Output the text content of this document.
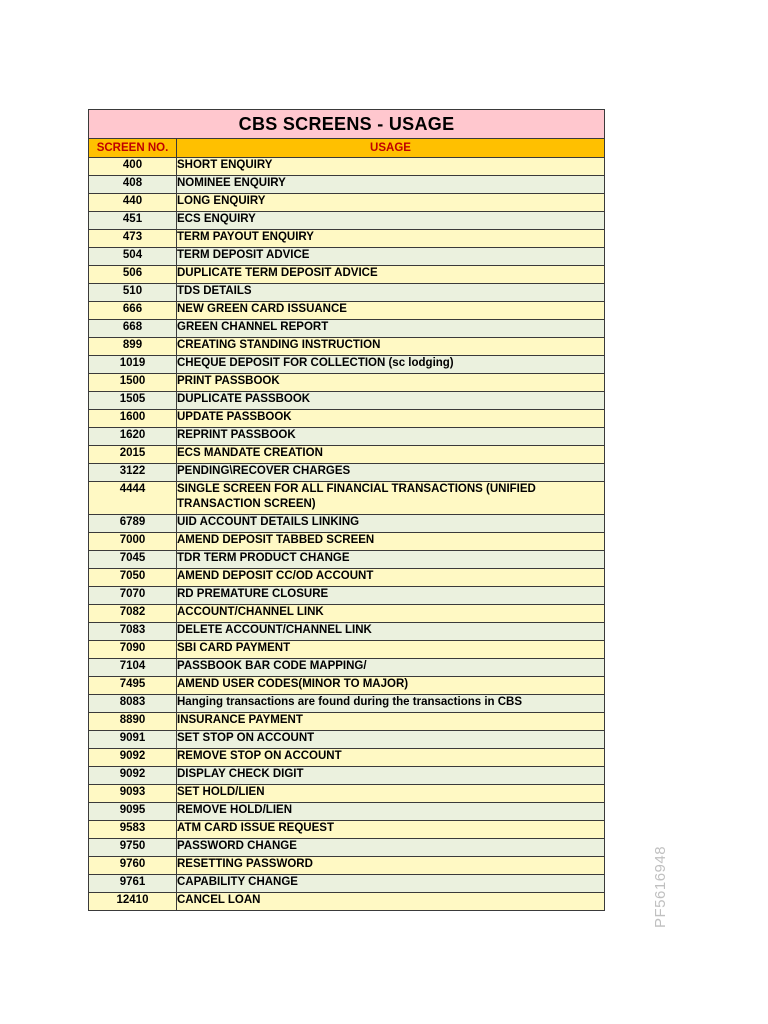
CBS SCREENS - USAGE	
SCREEN NO.	USAGE
400	SHORT ENQUIRY
408	NOMINEE ENQUIRY
440	LONG ENQUIRY
451	ECS ENQUIRY
473	TERM PAYOUT ENQUIRY
504	TERM DEPOSIT ADVICE
506	DUPLICATE TERM DEPOSIT ADVICE
510	TDS DETAILS
666	NEW GREEN CARD ISSUANCE
668	GREEN CHANNEL REPORT
899	CREATING STANDING INSTRUCTION
1019	CHEQUE DEPOSIT FOR COLLECTION (sc lodging)
1500	PRINT PASSBOOK
1505	DUPLICATE PASSBOOK
1600	UPDATE PASSBOOK
1620	REPRINT PASSBOOK
2015	ECS MANDATE CREATION
3122	PENDING\RECOVER CHARGES
4444	SINGLE SCREEN FOR ALL FINANCIAL TRANSACTIONS (UNIFIED TRANSACTION SCREEN)
6789	UID ACCOUNT DETAILS LINKING
7000	AMEND DEPOSIT TABBED SCREEN
7045	TDR TERM PRODUCT CHANGE
7050	AMEND DEPOSIT CC/OD ACCOUNT
7070	RD PREMATURE CLOSURE
7082	ACCOUNT/CHANNEL LINK
7083	DELETE ACCOUNT/CHANNEL LINK
7090	SBI CARD PAYMENT
7104	PASSBOOK BAR CODE MAPPING/
7495	AMEND USER CODES(MINOR TO MAJOR)
8083	Hanging transactions are found during the transactions in CBS
8890	INSURANCE PAYMENT
9091	SET STOP ON ACCOUNT
9092	REMOVE STOP ON ACCOUNT
9092	DISPLAY CHECK DIGIT
9093	SET HOLD/LIEN
9095	REMOVE HOLD/LIEN
9583	ATM CARD ISSUE REQUEST
9750	PASSWORD CHANGE
9760	RESETTING PASSWORD
9761	CAPABILITY CHANGE
12410	CANCEL LOAN	PF5616948
